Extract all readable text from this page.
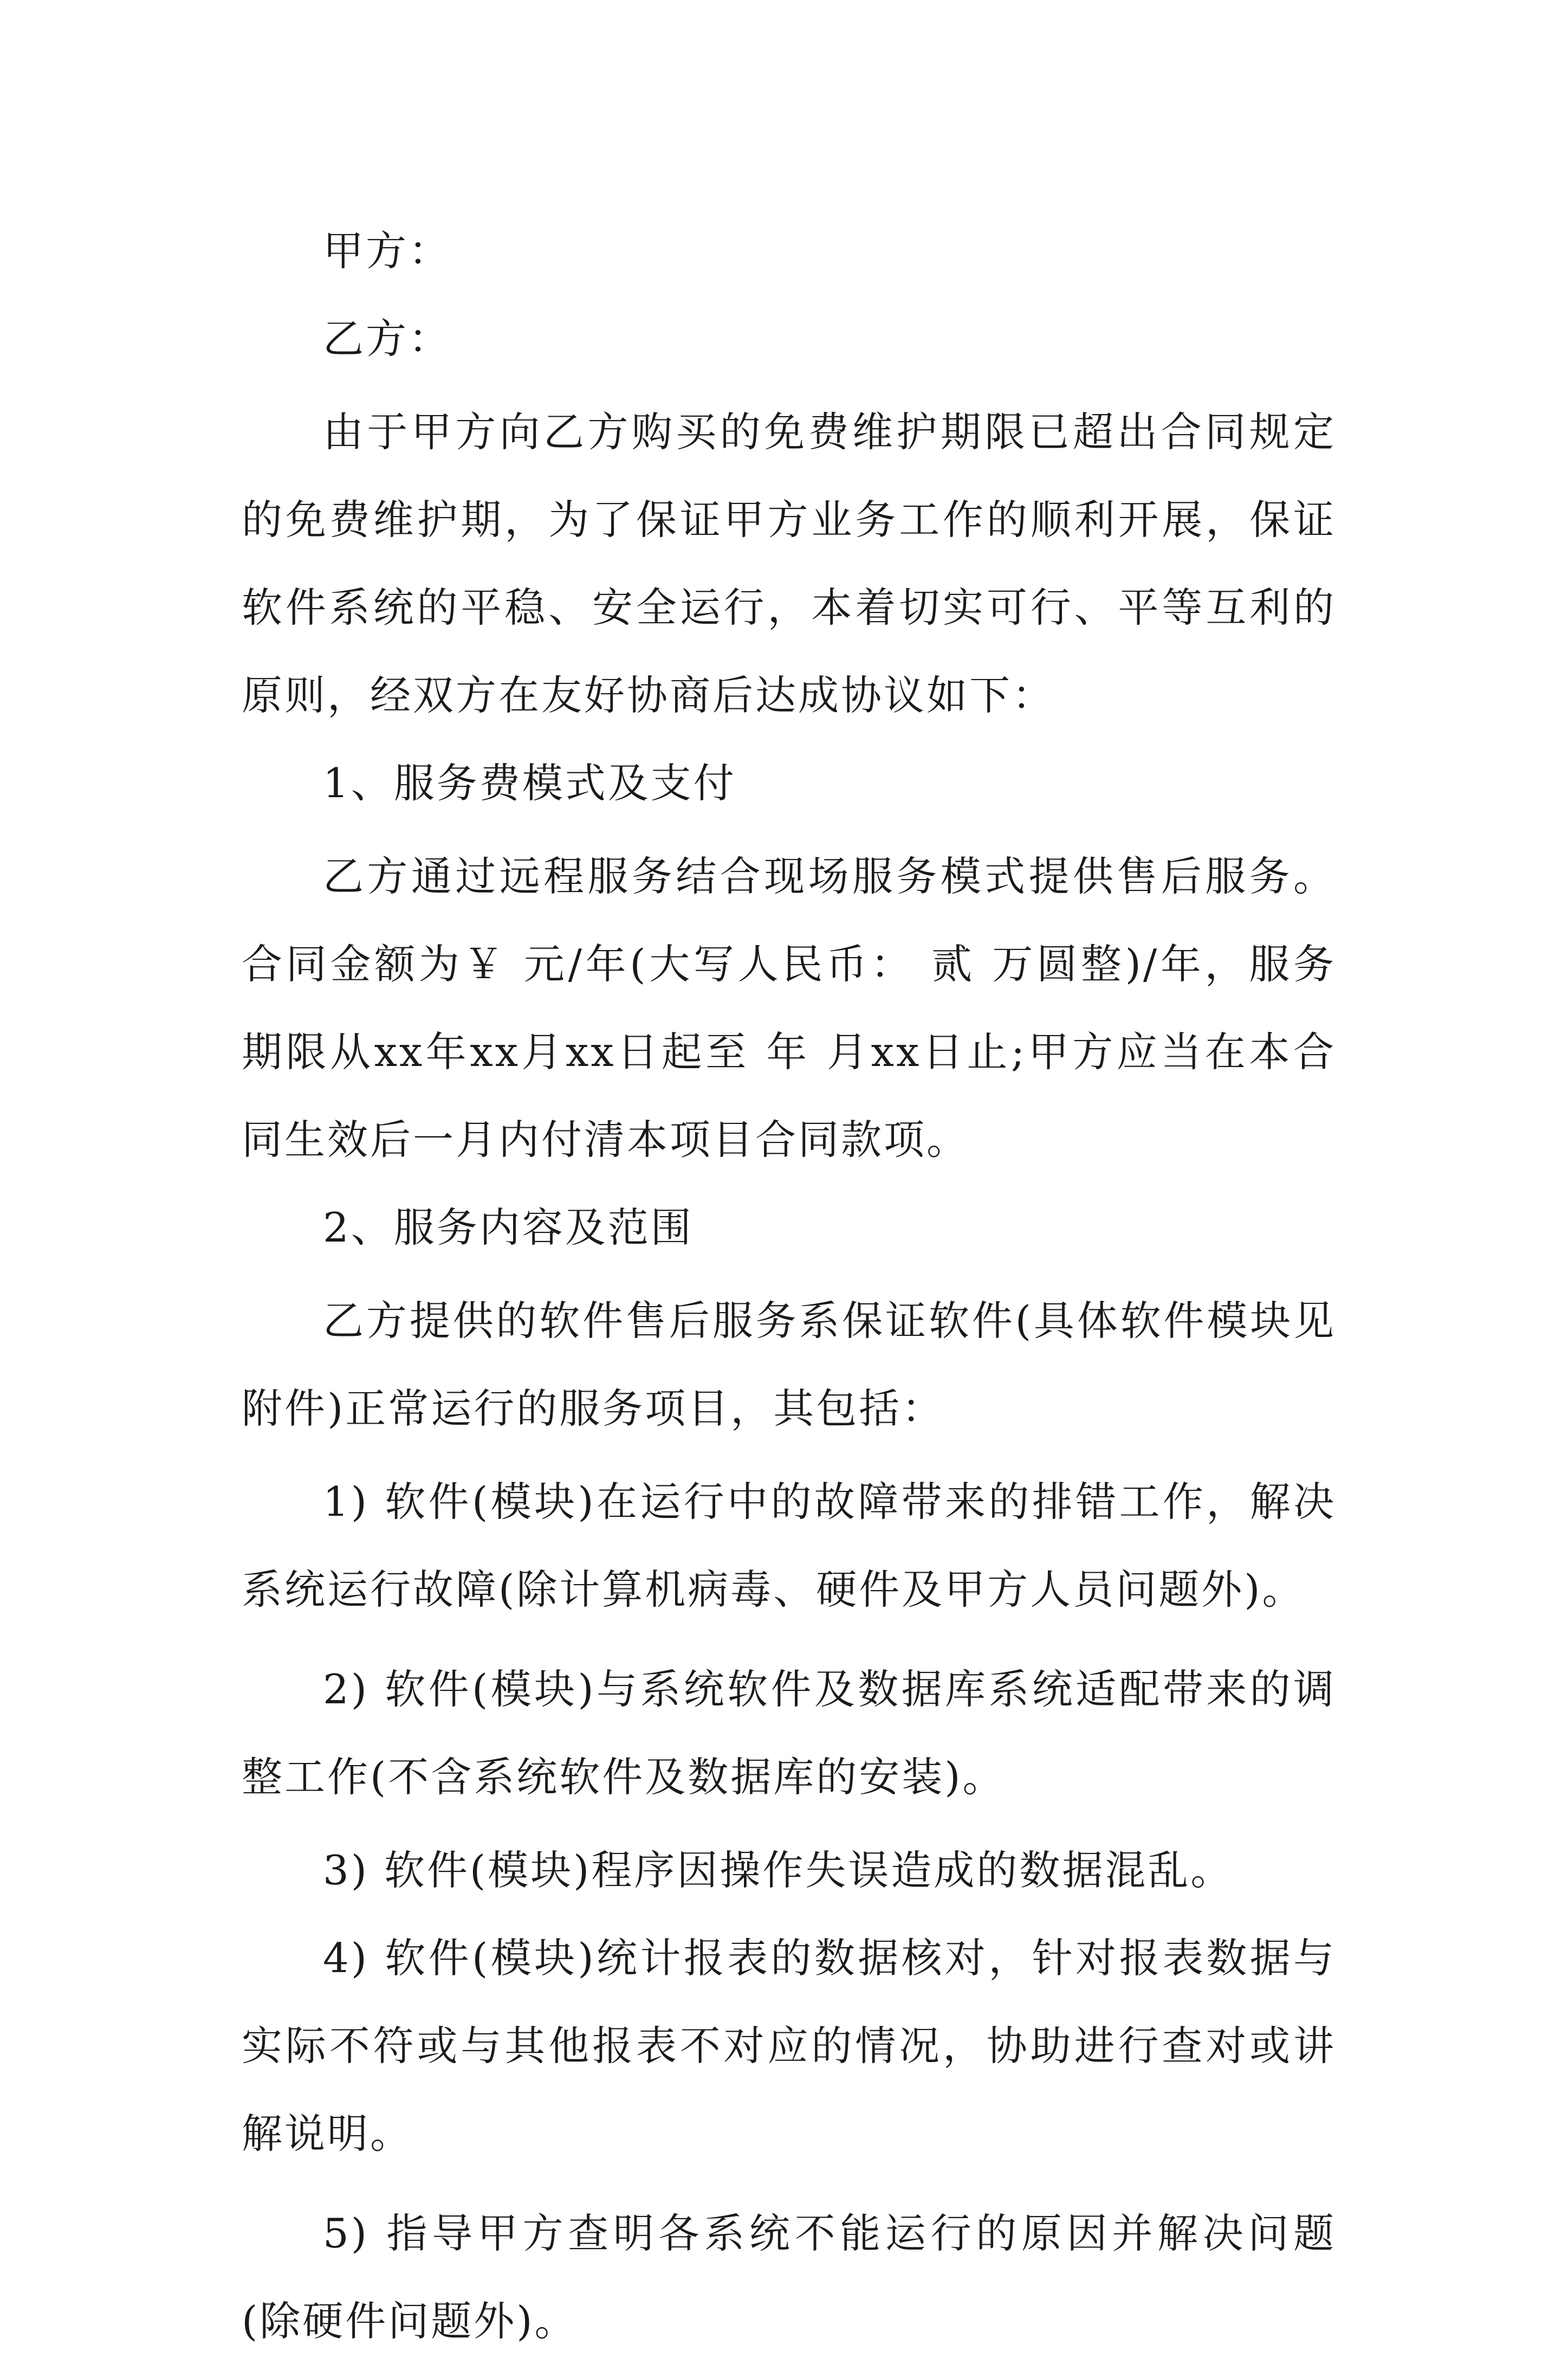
甲方：

乙方：

由于甲方向乙方购买的免费维护期限已超出合同规定的免费维护期，为了保证甲方业务工作的顺利开展，保证软件系统的平稳、安全运行，本着切实可行、平等互利的原则，经双方在友好协商后达成协议如下：

1、服务费模式及支付

乙方通过远程服务结合现场服务模式提供售后服务。合同金额为￥ 元/年(大写人民币： 贰 万圆整)/年，服务期限从xx年xx月xx日起至 年 月xx日止;甲方应当在本合同生效后一月内付清本项目合同款项。

2、服务内容及范围

乙方提供的软件售后服务系保证软件(具体软件模块见附件)正常运行的服务项目，其包括：

1) 软件(模块)在运行中的故障带来的排错工作，解决系统运行故障(除计算机病毒、硬件及甲方人员问题外)。

2) 软件(模块)与系统软件及数据库系统适配带来的调整工作(不含系统软件及数据库的安装)。

3) 软件(模块)程序因操作失误造成的数据混乱。

4) 软件(模块)统计报表的数据核对，针对报表数据与实际不符或与其他报表不对应的情况，协助进行查对或讲解说明。

5) 指导甲方查明各系统不能运行的原因并解决问题(除硬件问题外)。
